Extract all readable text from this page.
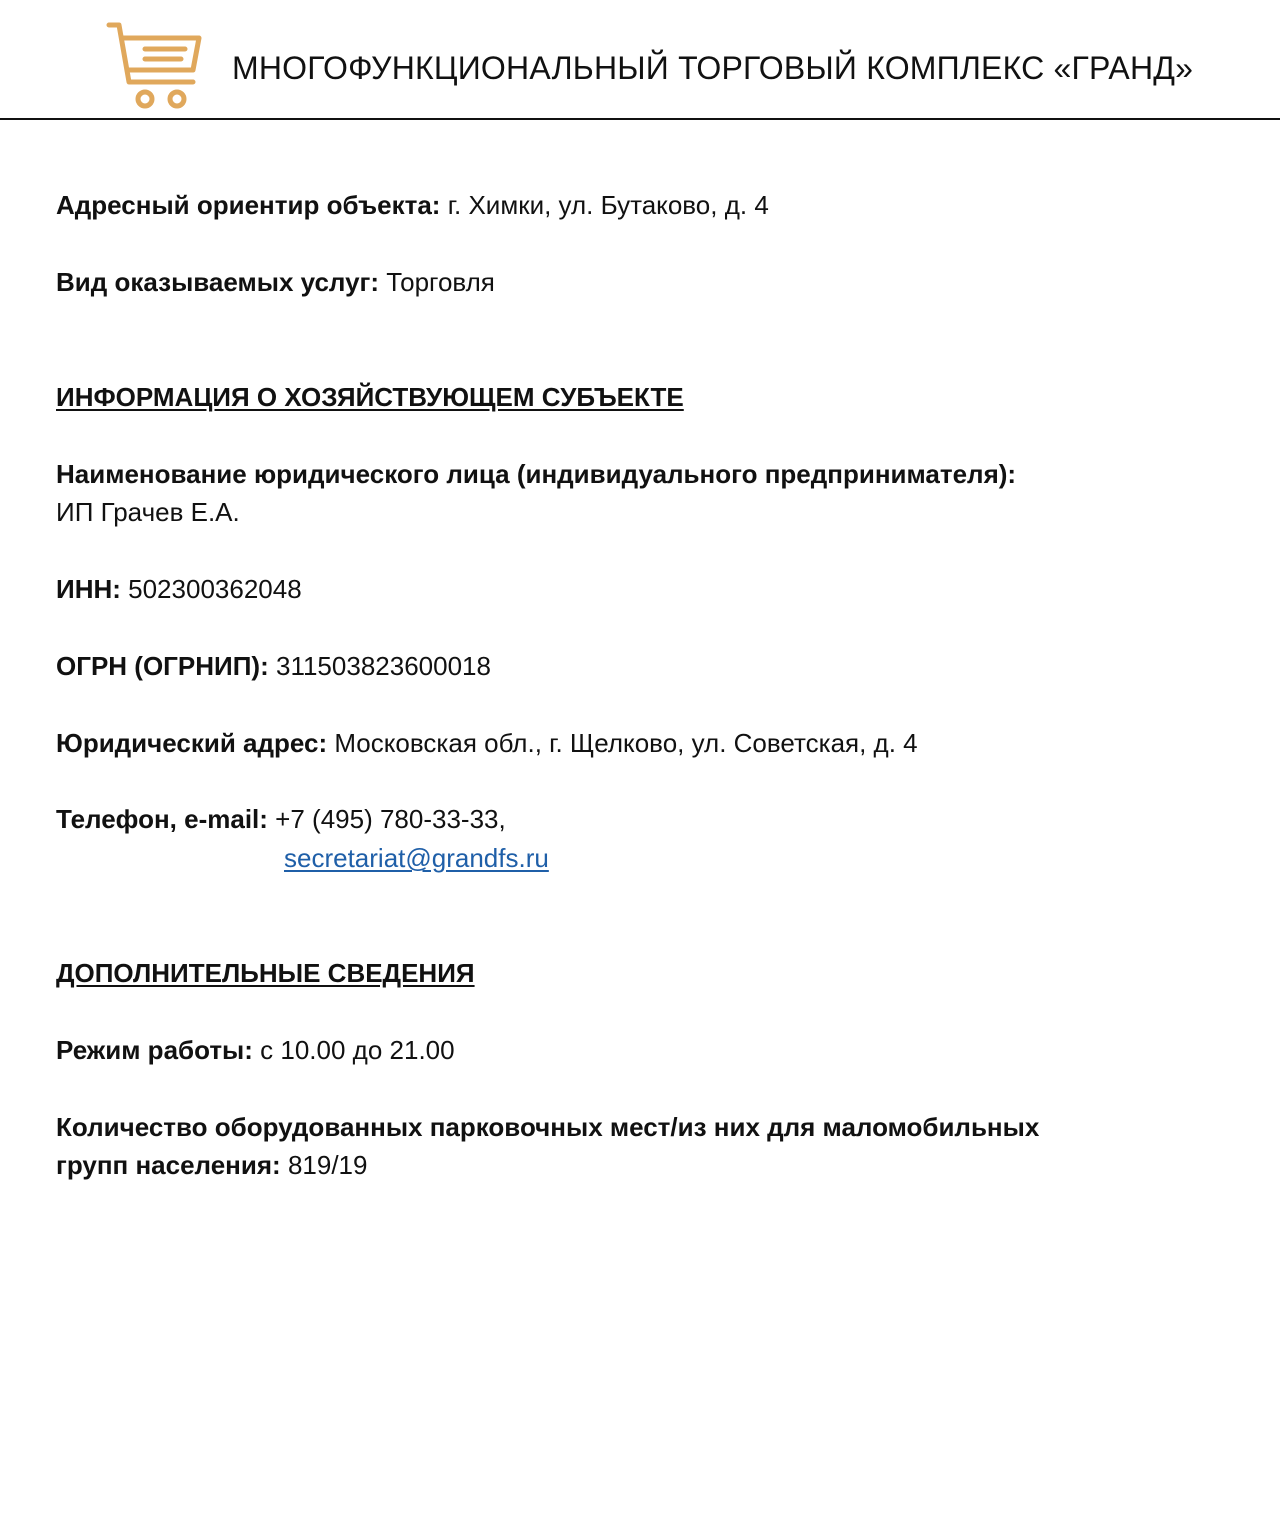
МНОГОФУНКЦИОНАЛЬНЫЙ ТОРГОВЫЙ КОМПЛЕКС «ГРАНД»
Адресный ориентир объекта: г. Химки, ул. Бутаково, д. 4
Вид оказываемых услуг: Торговля
ИНФОРМАЦИЯ О ХОЗЯЙСТВУЮЩЕМ СУБЪЕКТЕ
Наименование юридического лица (индивидуального предпринимателя):
ИП Грачев Е.А.
ИНН: 502300362048
ОГРН (ОГРНИП): 311503823600018
Юридический адрес: Московская обл., г. Щелково, ул. Советская, д. 4
Телефон, e-mail: +7 (495) 780-33-33,
secretariat@grandfs.ru
ДОПОЛНИТЕЛЬНЫЕ СВЕДЕНИЯ
Режим работы: с 10.00 до 21.00
Количество оборудованных парковочных мест/из них для маломобильных
групп населения: 819/19
